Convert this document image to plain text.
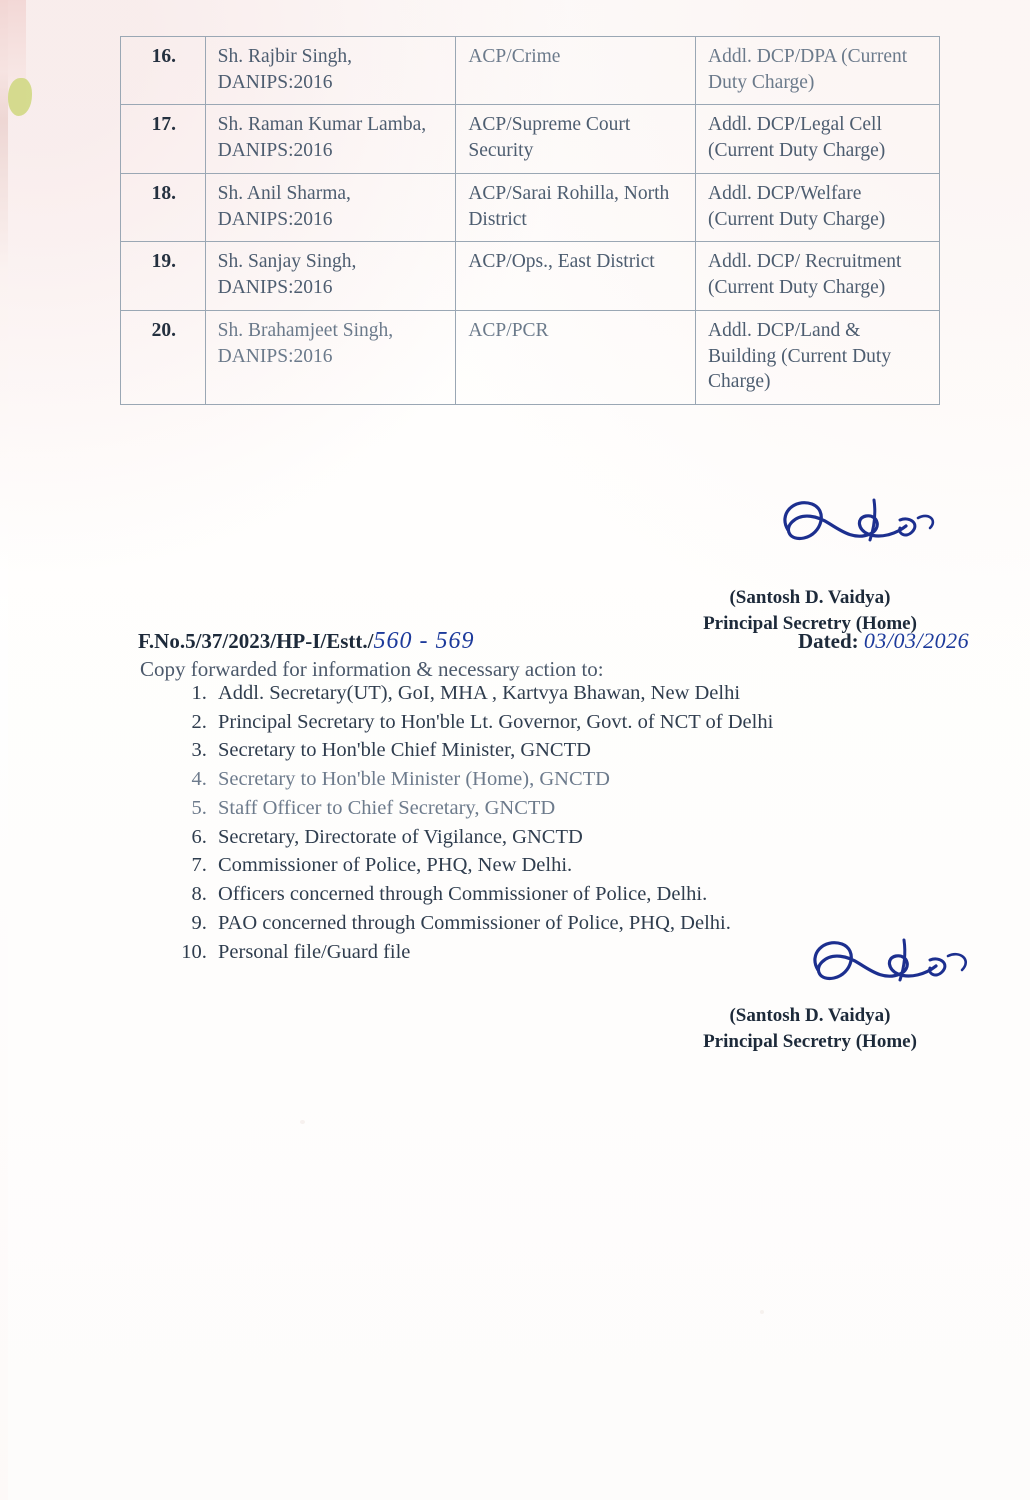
16.	Sh. Rajbir Singh, DANIPS:2016	ACP/Crime	Addl. DCP/DPA (Current Duty Charge)
17.	Sh. Raman Kumar Lamba, DANIPS:2016	ACP/Supreme Court Security	Addl. DCP/Legal Cell (Current Duty Charge)
18.	Sh. Anil Sharma, DANIPS:2016	ACP/Sarai Rohilla, North District	Addl. DCP/Welfare (Current Duty Charge)
19.	Sh. Sanjay Singh, DANIPS:2016	ACP/Ops., East District	Addl. DCP/ Recruitment (Current Duty Charge)
20.	Sh. Brahamjeet Singh, DANIPS:2016	ACP/PCR	Addl. DCP/Land & Building (Current Duty Charge)
(Santosh D. Vaidya)
Principal Secretry (Home)
F.No.5/37/2023/HP-I/Estt./560 - 569	Dated: 03/03/2026
Copy forwarded for information & necessary action to:
1. Addl. Secretary(UT), GoI, MHA , Kartvya Bhawan, New Delhi
2. Principal Secretary to Hon'ble Lt. Governor, Govt. of NCT of Delhi
3. Secretary to Hon'ble Chief Minister, GNCTD
4. Secretary to Hon'ble Minister (Home), GNCTD
5. Staff Officer to Chief Secretary, GNCTD
6. Secretary, Directorate of Vigilance, GNCTD
7. Commissioner of Police, PHQ, New Delhi.
8. Officers concerned through Commissioner of Police, Delhi.
9. PAO concerned through Commissioner of Police, PHQ, Delhi.
10. Personal file/Guard file
(Santosh D. Vaidya)
Principal Secretry (Home)
